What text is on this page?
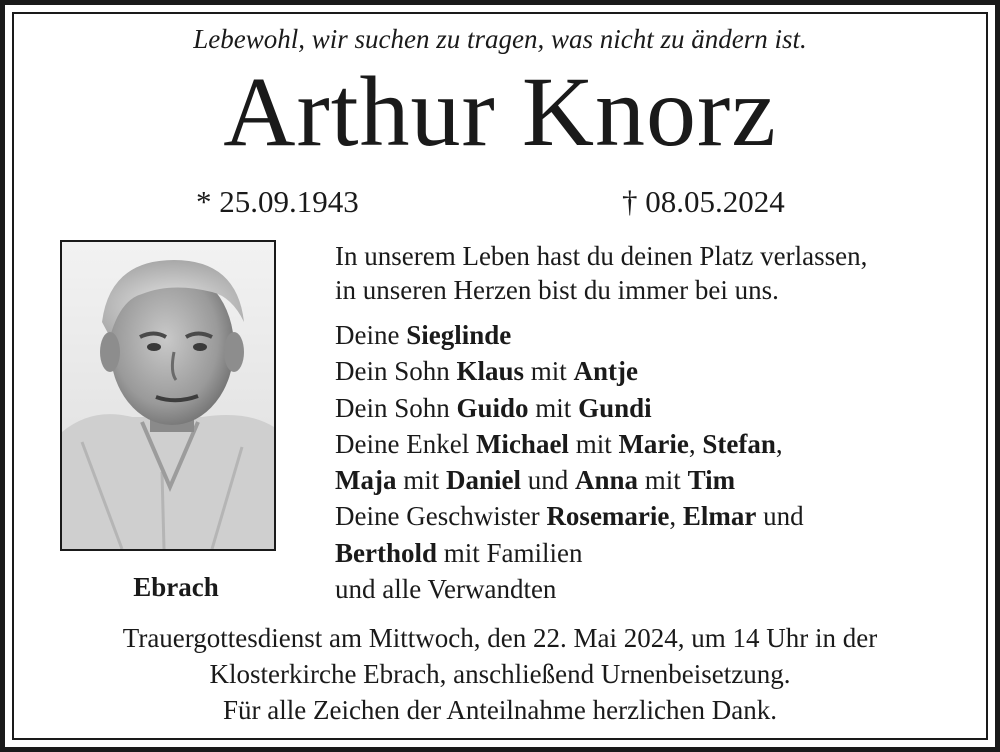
Lebewohl, wir suchen zu tragen, was nicht zu ändern ist.
Arthur Knorz
* 25.09.1943	† 08.05.2024
Ebrach
In unserem Leben hast du deinen Platz verlassen,
in unseren Herzen bist du immer bei uns.
Deine Sieglinde
Dein Sohn Klaus mit Antje
Dein Sohn Guido mit Gundi
Deine Enkel Michael mit Marie, Stefan,
Maja mit Daniel und Anna mit Tim
Deine Geschwister Rosemarie, Elmar und
Berthold mit Familien
und alle Verwandten
Trauergottesdienst am Mittwoch, den 22. Mai 2024, um 14 Uhr in der
Klosterkirche Ebrach, anschließend Urnenbeisetzung.
Für alle Zeichen der Anteilnahme herzlichen Dank.
